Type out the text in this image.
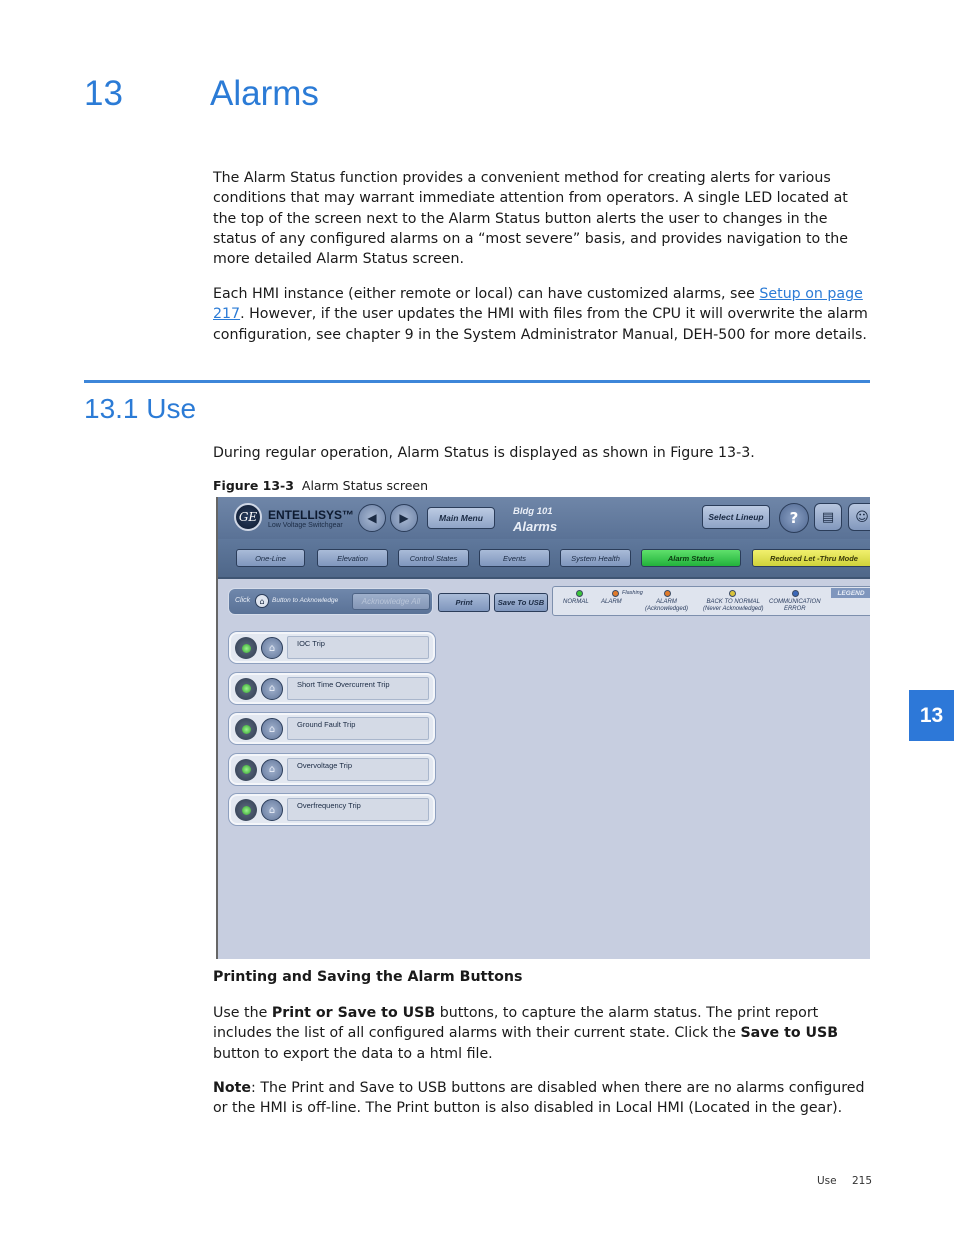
13 Alarms

The Alarm Status function provides a convenient method for creating alerts for various conditions that may warrant immediate attention from operators. A single LED located at the top of the screen next to the Alarm Status button alerts the user to changes in the status of any configured alarms on a “most severe” basis, and provides navigation to the more detailed Alarm Status screen.

Each HMI instance (either remote or local) can have customized alarms, see Setup on page 217. However, if the user updates the HMI with files from the CPU it will overwrite the alarm configuration, see chapter 9 in the System Administrator Manual, DEH-500 for more details.

13.1 Use

During regular operation, Alarm Status is displayed as shown in Figure 13-3.

Figure 13-3 Alarm Status screen
GE ENTELLISYS™
Low Voltage Switchgear
◀	▶	Main Menu
Bldg 101
Alarms
Select Lineup	?	▤	☺
One-Line	Elevation	Control States	Events	System Health	Alarm Status	Reduced Let -Thru Mode
Click	⌂	Button to Acknowledge	Acknowledge All	Print	Save To USB
LEGEND
NORMAL
Flashing
ALARM	ALARM
(Acknowledged)
BACK TO NORMAL
(Never Acknowledged)
COMMUNICATION
ERROR
⌂	IOC Trip
⌂	Short Time Overcurrent Trip
⌂	Ground Fault Trip
⌂	Overvoltage Trip
⌂	Overfrequency Trip
Printing and Saving the Alarm Buttons

Use the Print or Save to USB buttons, to capture the alarm status. The print report includes the list of all configured alarms with their current state. Click the Save to USB button to export the data to a html file.

Note: The Print and Save to USB buttons are disabled when there are no alarms configured or the HMI is off-line. The Print button is also disabled in Local HMI (Located in the gear).

13
Use 215
